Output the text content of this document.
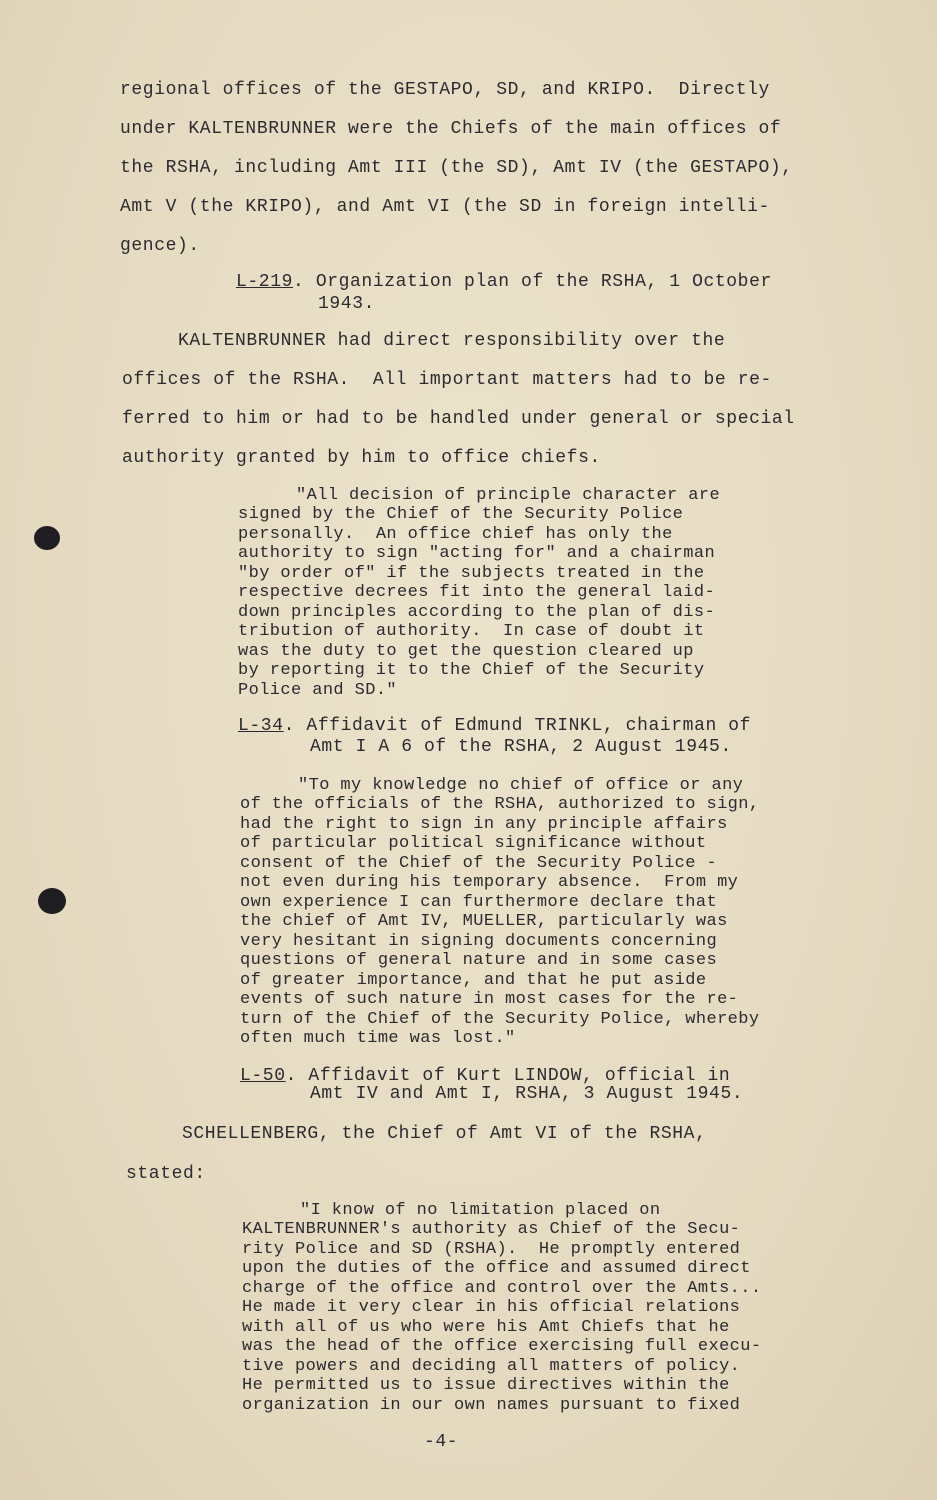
regional offices of the GESTAPO, SD, and KRIPO.  Directly
under KALTENBRUNNER were the Chiefs of the main offices of
the RSHA, including Amt III (the SD), Amt IV (the GESTAPO),
Amt V (the KRIPO), and Amt VI (the SD in foreign intelli-
gence).
L-219. Organization plan of the RSHA, 1 October
1943.
KALTENBRUNNER had direct responsibility over the
offices of the RSHA.  All important matters had to be re-
ferred to him or had to be handled under general or special
authority granted by him to office chiefs.
"All decision of principle character are
signed by the Chief of the Security Police
personally.  An office chief has only the
authority to sign "acting for" and a chairman
"by order of" if the subjects treated in the
respective decrees fit into the general laid-
down principles according to the plan of dis-
tribution of authority.  In case of doubt it
was the duty to get the question cleared up
by reporting it to the Chief of the Security
Police and SD."
L-34. Affidavit of Edmund TRINKL, chairman of
Amt I A 6 of the RSHA, 2 August 1945.
"To my knowledge no chief of office or any
of the officials of the RSHA, authorized to sign,
had the right to sign in any principle affairs
of particular political significance without
consent of the Chief of the Security Police -
not even during his temporary absence.  From my
own experience I can furthermore declare that
the chief of Amt IV, MUELLER, particularly was
very hesitant in signing documents concerning
questions of general nature and in some cases
of greater importance, and that he put aside
events of such nature in most cases for the re-
turn of the Chief of the Security Police, whereby
often much time was lost."
L-50. Affidavit of Kurt LINDOW, official in
Amt IV and Amt I, RSHA, 3 August 1945.
SCHELLENBERG, the Chief of Amt VI of the RSHA,
stated:
"I know of no limitation placed on
KALTENBRUNNER's authority as Chief of the Secu-
rity Police and SD (RSHA).  He promptly entered
upon the duties of the office and assumed direct
charge of the office and control over the Amts...
He made it very clear in his official relations
with all of us who were his Amt Chiefs that he
was the head of the office exercising full execu-
tive powers and deciding all matters of policy.
He permitted us to issue directives within the
organization in our own names pursuant to fixed
-4-
